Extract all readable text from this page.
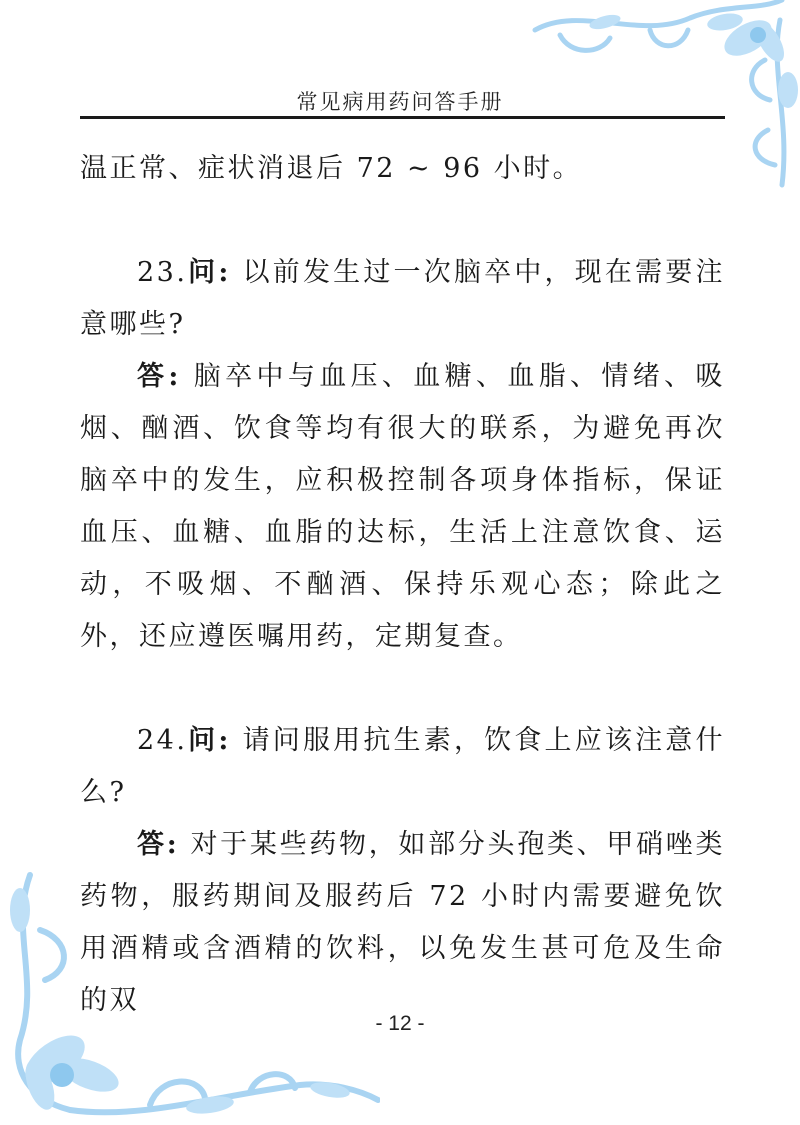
常见病用药问答手册

温正常、症状消退后 72 ~ 96 小时。

23.问: 以前发生过一次脑卒中，现在需要注意哪些?

答: 脑卒中与血压、血糖、血脂、情绪、吸烟、酗酒、饮食等均有很大的联系，为避免再次脑卒中的发生，应积极控制各项身体指标，保证血压、血糖、血脂的达标，生活上注意饮食、运动，不吸烟、不酗酒、保持乐观心态；除此之外，还应遵医嘱用药，定期复查。

24.问: 请问服用抗生素，饮食上应该注意什么?

答: 对于某些药物，如部分头孢类、甲硝唑类药物，服药期间及服药后 72 小时内需要避免饮用酒精或含酒精的饮料，以免发生甚可危及生命的双

- 12 -
